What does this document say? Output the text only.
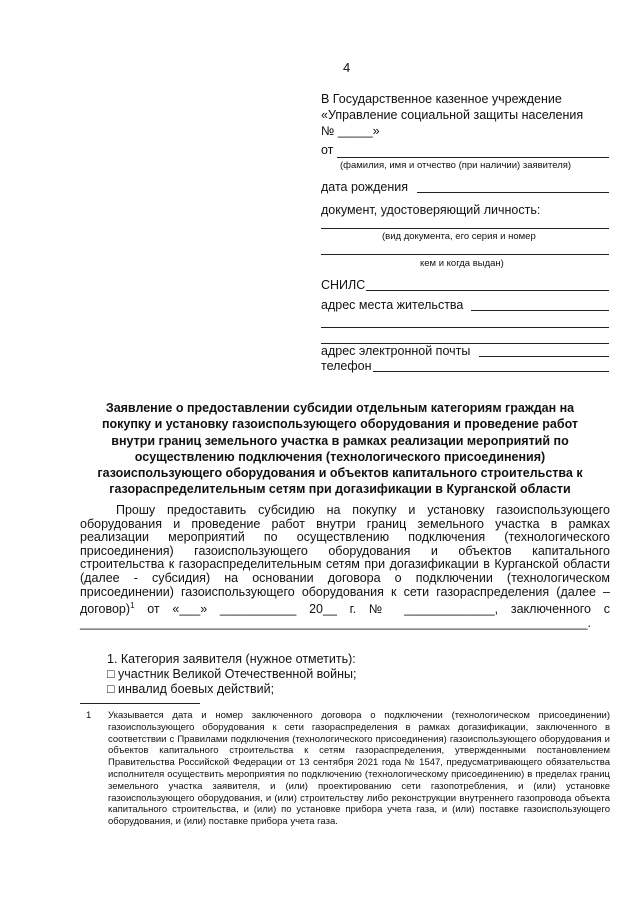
4
В Государственное казенное учреждение
«Управление социальной защиты населения
№ _____»
от
(фамилия, имя и отчество (при наличии) заявителя)
дата рождения
документ, удостоверяющий личность:
(вид документа, его серия и номер
кем и когда выдан)
СНИЛС
адрес места жительства
адрес электронной почты
телефон
Заявление о предоставлении субсидии отдельным категориям граждан на покупку и установку газоиспользующего оборудования и проведение работ внутри границ земельного участка в рамках реализации мероприятий по осуществлению подключения (технологического присоединения) газоиспользующего оборудования и объектов капитального строительства к газораспределительным сетям при догазификации в Курганской области

Прошу предоставить субсидию на покупку и установку газоиспользующего оборудования и проведение работ внутри границ земельного участка в рамках реализации мероприятий по осуществлению подключения (технологического присоединения) газоиспользующего оборудования и объектов капитального строительства к газораспределительным сетям при догазификации в Курганской области (далее - субсидия) на основании договора о подключении (технологическом присоединении) газоиспользующего оборудования к сети газораспределения (далее – договор)$^1$ от «___» ___________ 20__ г. № _____________, заключенного с _________________________________________________________________________.

1. Категория заявителя (нужное отметить):
□ участник Великой Отечественной войны;
□ инвалид боевых действий;
1 Указывается дата и номер заключенного договора о подключении (технологическом присоединении) газоиспользующего оборудования к сети газораспределения в рамках догазификации, заключенного в соответствии с Правилами подключения (технологического присоединения) газоиспользующего оборудования и объектов капитального строительства к сетям газораспределения, утвержденными постановлением Правительства Российской Федерации от 13 сентября 2021 года № 1547, предусматривающего обязательства исполнителя осуществить мероприятия по подключению (технологическому присоединению) в пределах границ земельного участка заявителя, и (или) проектированию сети газопотребления, и (или) установке газоиспользующего оборудования, и (или) строительству либо реконструкции внутреннего газопровода объекта капитального строительства, и (или) по установке прибора учета газа, и (или) поставке газоиспользующего оборудования, и (или) поставке прибора учета газа.
